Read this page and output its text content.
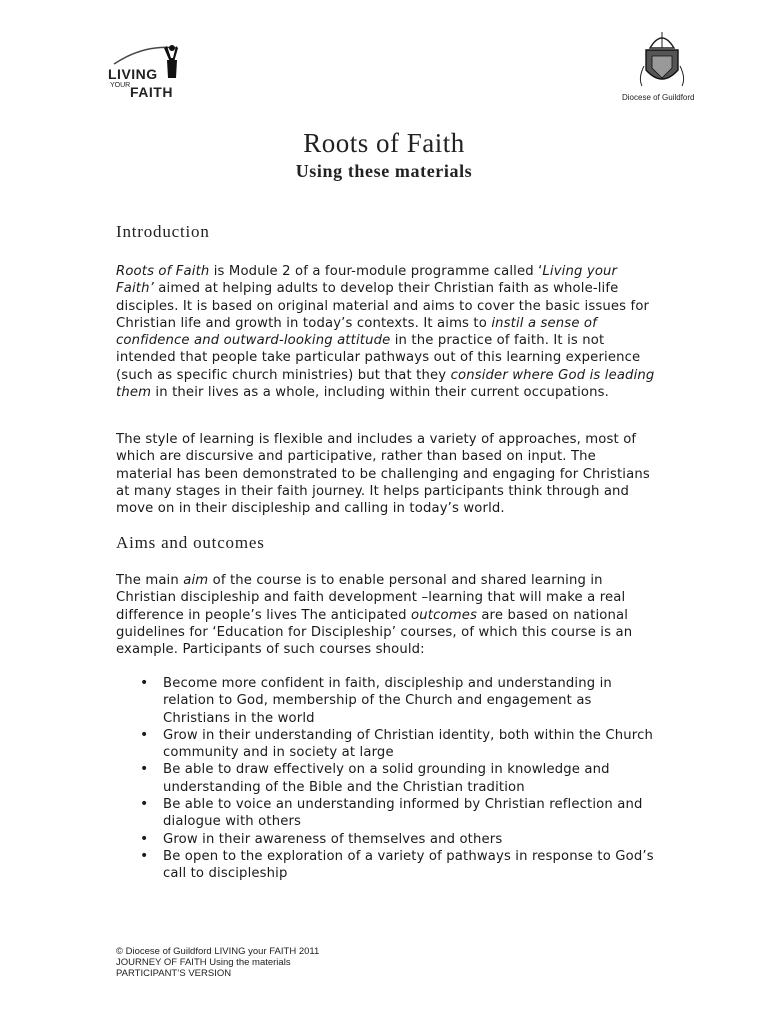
LIVING
YOUR FAITH	Diocese of Guildford
Roots of Faith
Using these materials
Introduction

Roots of Faith is Module 2 of a four-module programme called ‘Living your Faith’ aimed at helping adults to develop their Christian faith as whole-life disciples. It is based on original material and aims to cover the basic issues for Christian life and growth in today’s contexts. It aims to instil a sense of confidence and outward-looking attitude in the practice of faith. It is not intended that people take particular pathways out of this learning experience (such as specific church ministries) but that they consider where God is leading them in their lives as a whole, including within their current occupations.

The style of learning is flexible and includes a variety of approaches, most of which are discursive and participative, rather than based on input. The material has been demonstrated to be challenging and engaging for Christians at many stages in their faith journey. It helps participants think through and move on in their discipleship and calling in today’s world.

Aims and outcomes

The main aim of the course is to enable personal and shared learning in Christian discipleship and faith development –learning that will make a real difference in people’s lives The anticipated outcomes are based on national guidelines for ‘Education for Discipleship’ courses, of which this course is an example. Participants of such courses should:

• Become more confident in faith, discipleship and understanding in relation to God, membership of the Church and engagement as Christians in the world
• Grow in their understanding of Christian identity, both within the Church community and in society at large
• Be able to draw effectively on a solid grounding in knowledge and understanding of the Bible and the Christian tradition
• Be able to voice an understanding informed by Christian reflection and dialogue with others
• Grow in their awareness of themselves and others
• Be open to the exploration of a variety of pathways in response to God’s call to discipleship
© Diocese of Guildford LIVING your FAITH 2011
JOURNEY OF FAITH Using the materials
PARTICIPANT’S VERSION
